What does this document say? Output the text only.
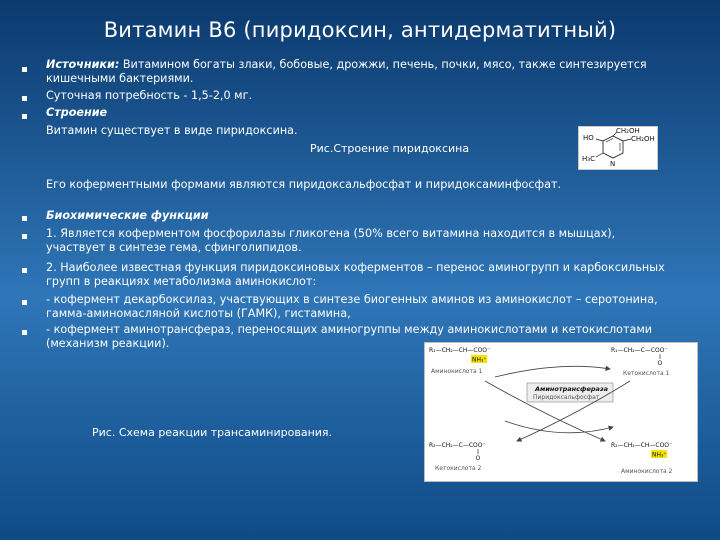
Витамин В6 (пиридоксин, антидерматитный)
Источники: Витамином богаты злаки, бобовые, дрожжи, печень, почки, мясо, также синтезируется
кишечными бактериями.
Суточная потребность - 1,5-2,0 мг.
Строение
Витамин существует в виде пиридоксина.
Рис.Строение пиридоксина
CH₂OH
CH₂OH
HO
H₃C
N
Его коферментными формами являются пиридоксальфосфат и пиридоксаминфосфат.
Биохимические функции
1. Является коферментом фосфорилазы гликогена (50% всего витамина находится в мышцах),
участвует в синтезе гема, сфинголипидов.
2. Наиболее известная функция пиридоксиновых коферментов – перенос аминогрупп и карбоксильных
групп в реакциях метаболизма аминокислот:
- кофермент декарбоксилаз, участвующих в синтезе биогенных аминов из аминокислот – серотонина,
гамма-аминомасляной кислоты (ГАМК), гистамина,
- кофермент аминотрансфераз, переносящих аминогруппы между аминокислотами и кетокислотами
(механизм реакции).
Рис. Схема реакции трансаминирования.
R₁—CH₂—CH—COO⁻
NH₃⁺
Аминокислота 1
R₁—CH₂—C—COO⁻
O
Кетокислота 1
Аминотрансфераза
Пиридоксальфосфат
R₂—CH₂—C—COO⁻
O
Кетокислота 2
R₂—CH₂—CH—COO⁻
NH₃⁺
Аминокислота 2
